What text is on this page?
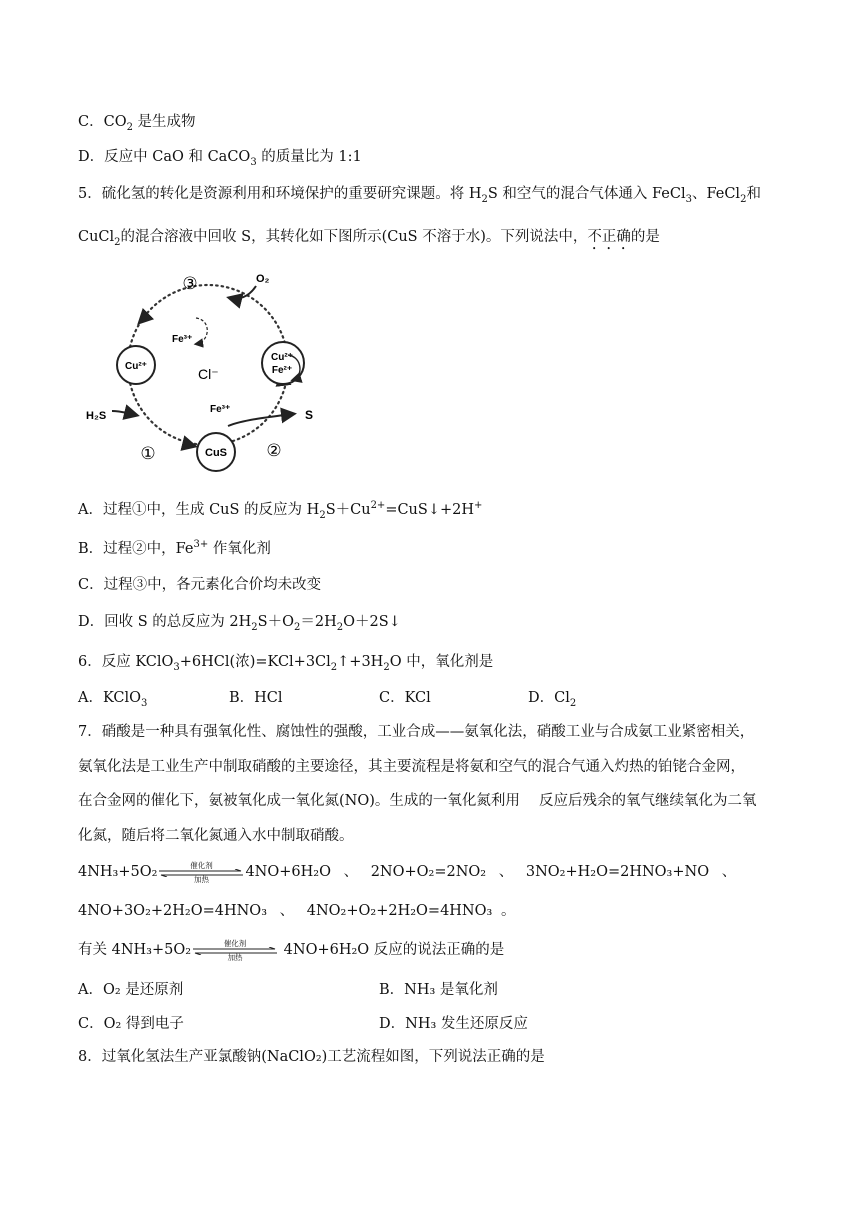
C．$CO_2$ 是生成物
D．反应中 CaO 和 CaCO$_3$ 的质量比为 1:1
5．硫化氢的转化是资源利用和环境保护的重要研究课题。将 $H_2S$ 和空气的混合气体通入 FeCl$_3$、FeCl$_2$和
CuCl$_2$的混合溶液中回收 S，其转化如下图所示(CuS 不溶于水)。下列说法中，不正确的是
Cu²⁺
Cu²⁺
Fe²⁺
CuS
Cl⁻
③	O₂
Fe³⁺
H₂S
①	②
Fe³⁺	S
A．过程①中，生成 CuS 的反应为 $H_2S+Cu^{2+}=CuS↓+2H^+$
B．过程②中，$Fe^{3+}$ 作氧化剂
C．过程③中，各元素化合价均未改变
D．回收 S 的总反应为 $2H_2S+O_2=2H_2O+2S↓$
6．反应 KClO$_3$+6HCl(浓)$=KCl+3Cl_2↑+3H_2O$ 中，氧化剂是
A．KClO$_3$	B．HCl	C．KCl	D．$Cl_2$
7．硝酸是一种具有强氧化性、腐蚀性的强酸，工业合成——氨氧化法，硝酸工业与合成氨工业紧密相关，
氨氧化法是工业生产中制取硝酸的主要途径，其主要流程是将氨和空气的混合气通入灼热的铂铑合金网，
在合金网的催化下，氨被氧化成一氧化氮(NO)。生成的一氧化氮利用　 反应后残余的氧气继续氧化为二氧
化氮，随后将二氧化氮通入水中制取硝酸。
4NH₃+5O₂	催化剂
加热	4NO+6H₂O 、 2NO+O₂=2NO₂ 、 3NO₂+H₂O=2HNO₃+NO 、
4NO+3O₂+2H₂O=4HNO₃ 、 4NO₂+O₂+2H₂O=4HNO₃ 。
有关 4NH₃+5O₂	催化剂
加热	4NO+6H₂O 反应的说法正确的是
A．O₂ 是还原剂	B．NH₃ 是氧化剂
C．O₂ 得到电子	D．NH₃ 发生还原反应
8．过氧化氢法生产亚氯酸钠(NaClO₂)工艺流程如图，下列说法正确的是
